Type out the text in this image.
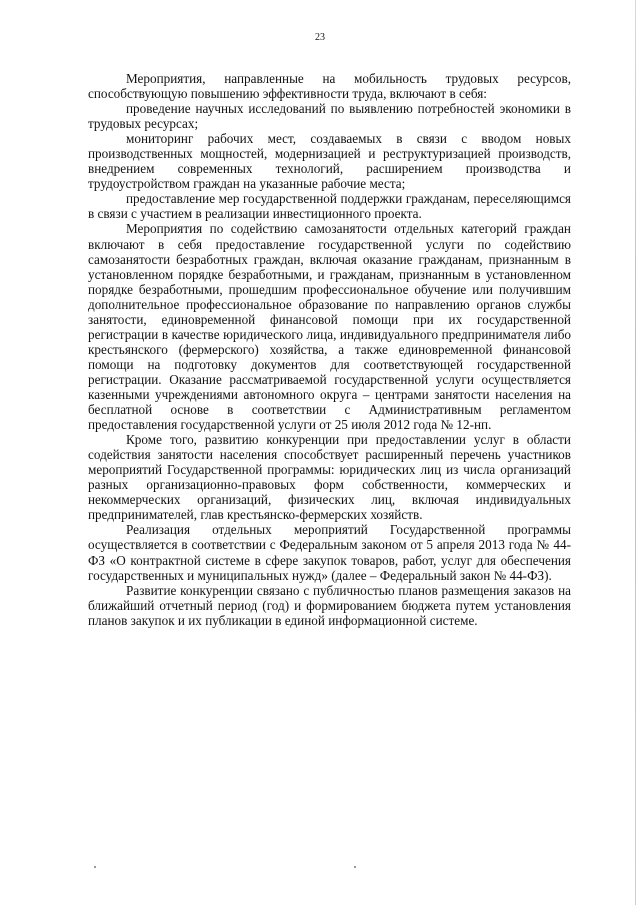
23

Мероприятия, направленные на мобильность трудовых ресурсов, способствующую повышению эффективности труда, включают в себя:

проведение научных исследований по выявлению потребностей экономики в трудовых ресурсах;

мониторинг рабочих мест, создаваемых в связи с вводом новых производственных мощностей, модернизацией и реструктуризацией производств, внедрением современных технологий, расширением производства и трудоустройством граждан на указанные рабочие места;

предоставление мер государственной поддержки гражданам, переселяющимся в связи с участием в реализации инвестиционного проекта.

Мероприятия по содействию самозанятости отдельных категорий граждан включают в себя предоставление государственной услуги по содействию самозанятости безработных граждан, включая оказание гражданам, признанным в установленном порядке безработными, и гражданам, признанным в установленном порядке безработными, прошедшим профессиональное обучение или получившим дополнительное профессиональное образование по направлению органов службы занятости, единовременной финансовой помощи при их государственной регистрации в качестве юридического лица, индивидуального предпринимателя либо крестьянского (фермерского) хозяйства, а также единовременной финансовой помощи на подготовку документов для соответствующей государственной регистрации. Оказание рассматриваемой государственной услуги осуществляется казенными учреждениями автономного округа – центрами занятости населения на бесплатной основе в соответствии с Административным регламентом предоставления государственной услуги от 25 июля 2012 года № 12-нп.

Кроме того, развитию конкуренции при предоставлении услуг в области содействия занятости населения способствует расширенный перечень участников мероприятий Государственной программы: юридических лиц из числа организаций разных организационно-правовых форм собственности, коммерческих и некоммерческих организаций, физических лиц, включая индивидуальных предпринимателей, глав крестьянско-фермерских хозяйств.

Реализация отдельных мероприятий Государственной программы осуществляется в соответствии с Федеральным законом от 5 апреля 2013 года № 44-ФЗ «О контрактной системе в сфере закупок товаров, работ, услуг для обеспечения государственных и муниципальных нужд» (далее – Федеральный закон № 44-ФЗ).

Развитие конкуренции связано с публичностью планов размещения заказов на ближайший отчетный период (год) и формированием бюджета путем установления планов закупок и их публикации в единой информационной системе.
